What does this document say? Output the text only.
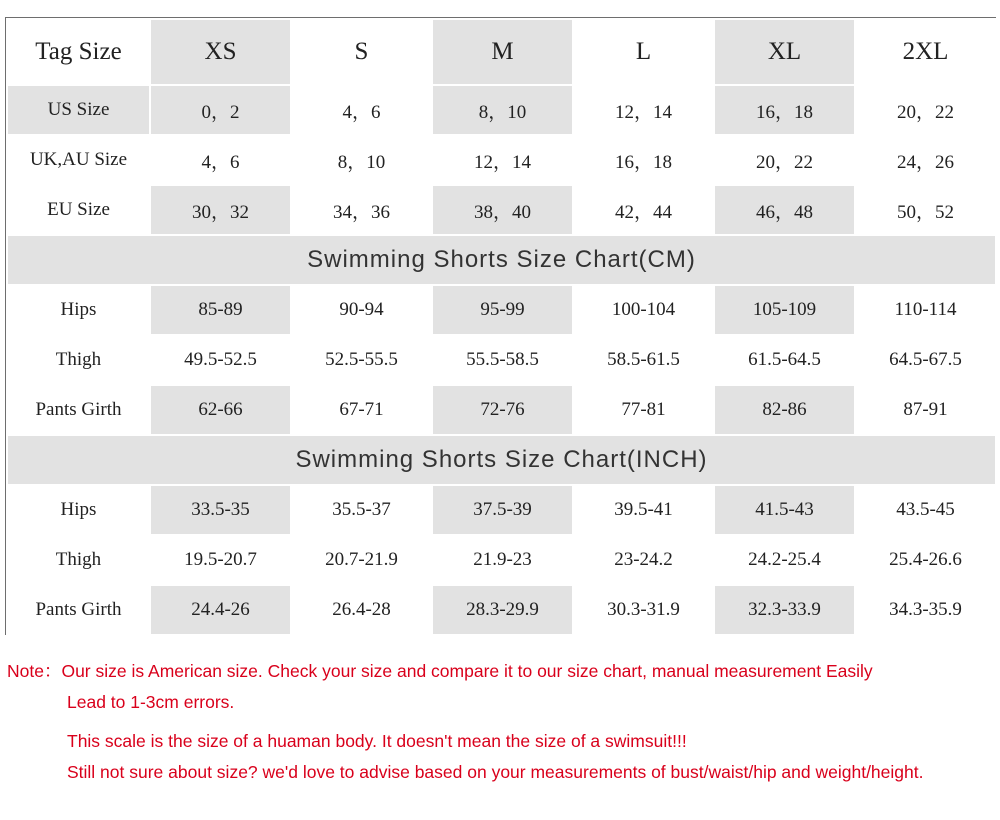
Tag Size	XS	S	M	L	XL	2XL
US Size	0，2	4，6	8，10	12，14	16，18	20，22
UK,AU Size	4，6	8，10	12，14	16，18	20，22	24，26
EU Size	30，32	34，36	38，40	42，44	46，48	50，52
Swimming Shorts Size Chart(CM)						
Hips	85-89	90-94	95-99	100-104	105-109	110-114
Thigh	49.5-52.5	52.5-55.5	55.5-58.5	58.5-61.5	61.5-64.5	64.5-67.5
Pants Girth	62-66	67-71	72-76	77-81	82-86	87-91
Swimming Shorts Size Chart(INCH)						
Hips	33.5-35	35.5-37	37.5-39	39.5-41	41.5-43	43.5-45
Thigh	19.5-20.7	20.7-21.9	21.9-23	23-24.2	24.2-25.4	25.4-26.6
Pants Girth	24.4-26	26.4-28	28.3-29.9	30.3-31.9	32.3-33.9	34.3-35.9
Note：Our size is American size. Check your size and compare it to our size chart, manual measurement Easily
Lead to 1-3cm errors.
This scale is the size of a huaman body. It doesn't mean the size of a swimsuit!!!
Still not sure about size? we'd love to advise based on your measurements of bust/waist/hip and weight/height.
